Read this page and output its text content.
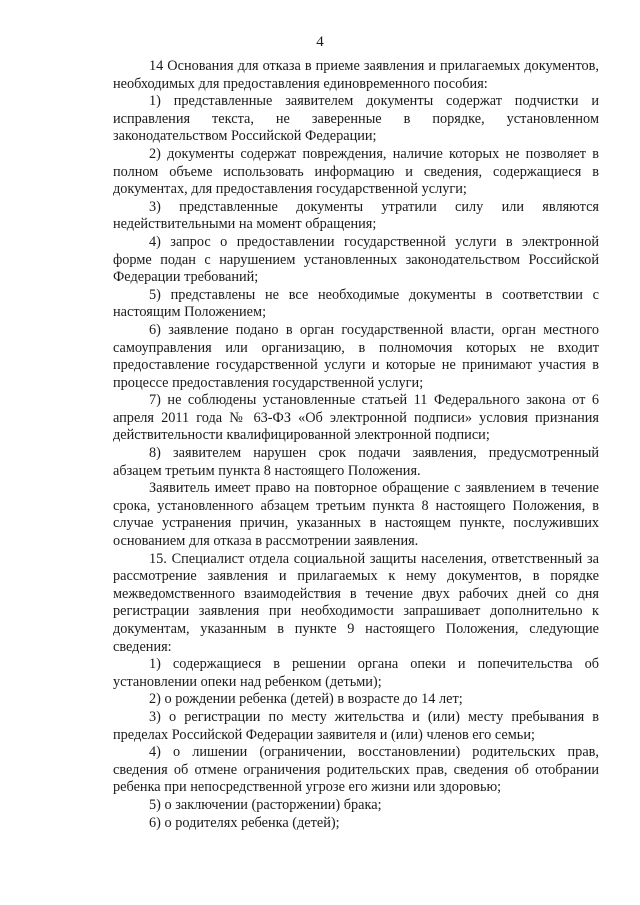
4

14 Основания для отказа в приеме заявления и прилагаемых документов, необходимых для предоставления единовременного пособия:

1) представленные заявителем документы содержат подчистки и исправления текста, не заверенные в порядке, установленном законодательством Российской Федерации;

2) документы содержат повреждения, наличие которых не позволяет в полном объеме использовать информацию и сведения, содержащиеся в документах, для предоставления государственной услуги;

3) представленные документы утратили силу или являются недействительными на момент обращения;

4) запрос о предоставлении государственной услуги в электронной форме подан с нарушением установленных законодательством Российской Федерации требований;

5) представлены не все необходимые документы в соответствии с настоящим Положением;

6) заявление подано в орган государственной власти, орган местного самоуправления или организацию, в полномочия которых не входит предоставление государственной услуги и которые не принимают участия в процессе предоставления государственной услуги;

7) не соблюдены установленные статьей 11 Федерального закона от 6 апреля 2011 года № 63-ФЗ «Об электронной подписи» условия признания действительности квалифицированной электронной подписи;

8) заявителем нарушен срок подачи заявления, предусмотренный абзацем третьим пункта 8 настоящего Положения.

Заявитель имеет право на повторное обращение с заявлением в течение срока, установленного абзацем третьим пункта 8 настоящего Положения, в случае устранения причин, указанных в настоящем пункте, послуживших основанием для отказа в рассмотрении заявления.

15. Специалист отдела социальной защиты населения, ответственный за рассмотрение заявления и прилагаемых к нему документов, в порядке межведомственного взаимодействия в течение двух рабочих дней со дня регистрации заявления при необходимости запрашивает дополнительно к документам, указанным в пункте 9 настоящего Положения, следующие сведения:

1) содержащиеся в решении органа опеки и попечительства об установлении опеки над ребенком (детьми);

2) о рождении ребенка (детей) в возрасте до 14 лет;

3) о регистрации по месту жительства и (или) месту пребывания в пределах Российской Федерации заявителя и (или) членов его семьи;

4) о лишении (ограничении, восстановлении) родительских прав, сведения об отмене ограничения родительских прав, сведения об отобрании ребенка при непосредственной угрозе его жизни или здоровью;

5) о заключении (расторжении) брака;

6) о родителях ребенка (детей);
